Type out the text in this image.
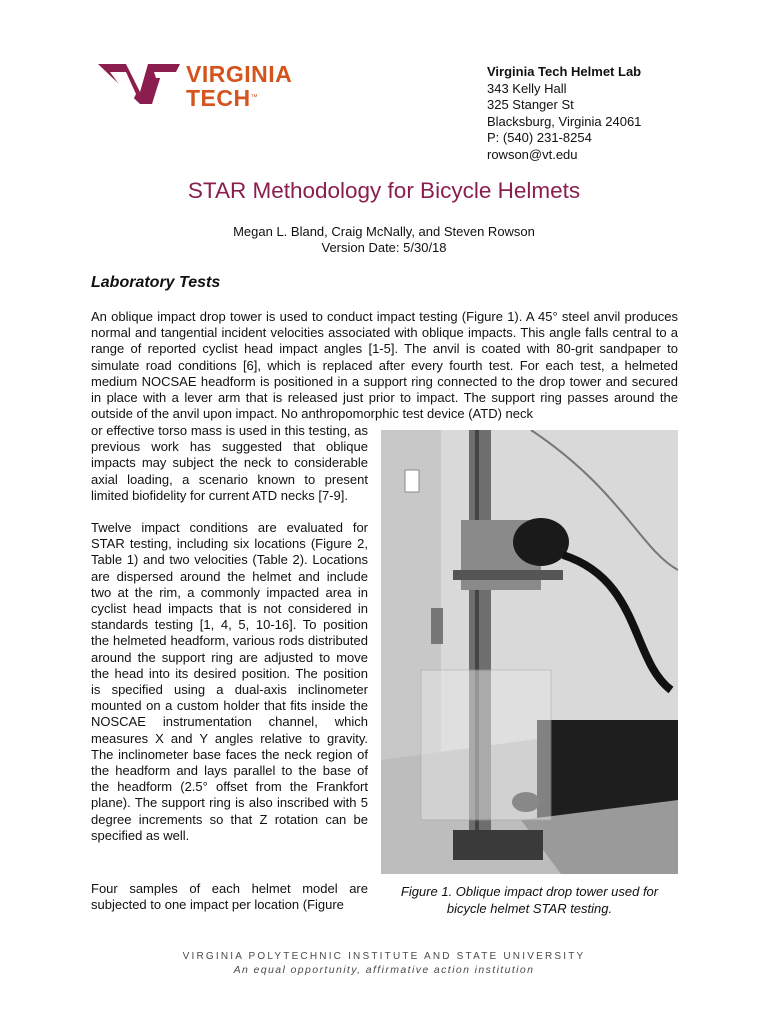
VIRGINIA
TECH™
Virginia Tech Helmet Lab
343 Kelly Hall
325 Stanger St
Blacksburg, Virginia 24061
P: (540) 231-8254
rowson@vt.edu
STAR Methodology for Bicycle Helmets
Megan L. Bland, Craig McNally, and Steven Rowson
Version Date: 5/30/18
Laboratory Tests

An oblique impact drop tower is used to conduct impact testing (Figure 1). A 45° steel anvil produces normal and tangential incident velocities associated with oblique impacts. This angle falls central to a range of reported cyclist head impact angles [1-5]. The anvil is coated with 80-grit sandpaper to simulate road conditions [6], which is replaced after every fourth test. For each test, a helmeted medium NOCSAE headform is positioned in a support ring connected to the drop tower and secured in place with a lever arm that is released just prior to impact. The support ring passes around the outside of the anvil upon impact. No anthropomorphic test device (ATD) neck

or effective torso mass is used in this testing, as previous work has suggested that oblique impacts may subject the neck to considerable axial loading, a scenario known to present limited biofidelity for current ATD necks [7-9].

Twelve impact conditions are evaluated for STAR testing, including six locations (Figure 2, Table 1) and two velocities (Table 2). Locations are dispersed around the helmet and include two at the rim, a commonly impacted area in cyclist head impacts that is not considered in standards testing [1, 4, 5, 10-16]. To position the helmeted headform, various rods distributed around the support ring are adjusted to move the head into its desired position. The position is specified using a dual-axis inclinometer mounted on a custom holder that fits inside the NOSCAE instrumentation channel, which measures X and Y angles relative to gravity. The inclinometer base faces the neck region of the headform and lays parallel to the base of the headform (2.5° offset from the Frankfort plane). The support ring is also inscribed with 5 degree increments so that Z rotation can be specified as well.

Four samples of each helmet model are subjected to one impact per location (Figure

Figure 1. Oblique impact drop tower used for bicycle helmet STAR testing.
VIRGINIA POLYTECHNIC INSTITUTE AND STATE UNIVERSITY
An equal opportunity, affirmative action institution
